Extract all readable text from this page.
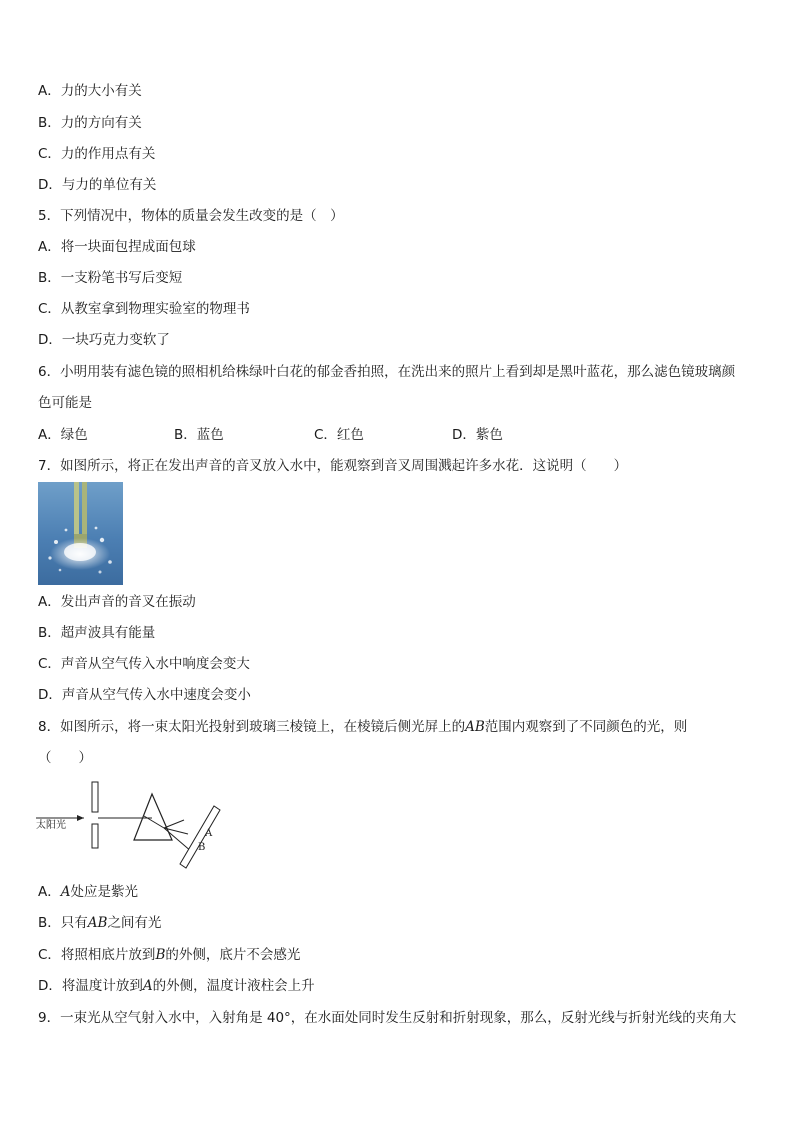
A．力的大小有关
B．力的方向有关
C．力的作用点有关
D．与力的单位有关
5．下列情况中，物体的质量会发生改变的是（　）
A．将一块面包捏成面包球
B．一支粉笔书写后变短
C．从教室拿到物理实验室的物理书
D．一块巧克力变软了
6．小明用装有滤色镜的照相机给株绿叶白花的郁金香拍照，在洗出来的照片上看到却是黑叶蓝花，那么滤色镜玻璃颜
色可能是
A．绿色	B．蓝色	C．红色	D．紫色
7．如图所示，将正在发出声音的音叉放入水中，能观察到音叉周围溅起许多水花．这说明（　　）
A．发出声音的音叉在振动
B．超声波具有能量
C．声音从空气传入水中响度会变大
D．声音从空气传入水中速度会变小
8．如图所示，将一束太阳光投射到玻璃三棱镜上，在棱镜后侧光屏上的AB范围内观察到了不同颜色的光，则
（　　）
太阳光
A
B
A．A处应是紫光
B．只有AB之间有光
C．将照相底片放到B的外侧，底片不会感光
D．将温度计放到A的外侧，温度计液柱会上升
9．一束光从空气射入水中，入射角是 40°，在水面处同时发生反射和折射现象，那么，反射光线与折射光线的夹角大
